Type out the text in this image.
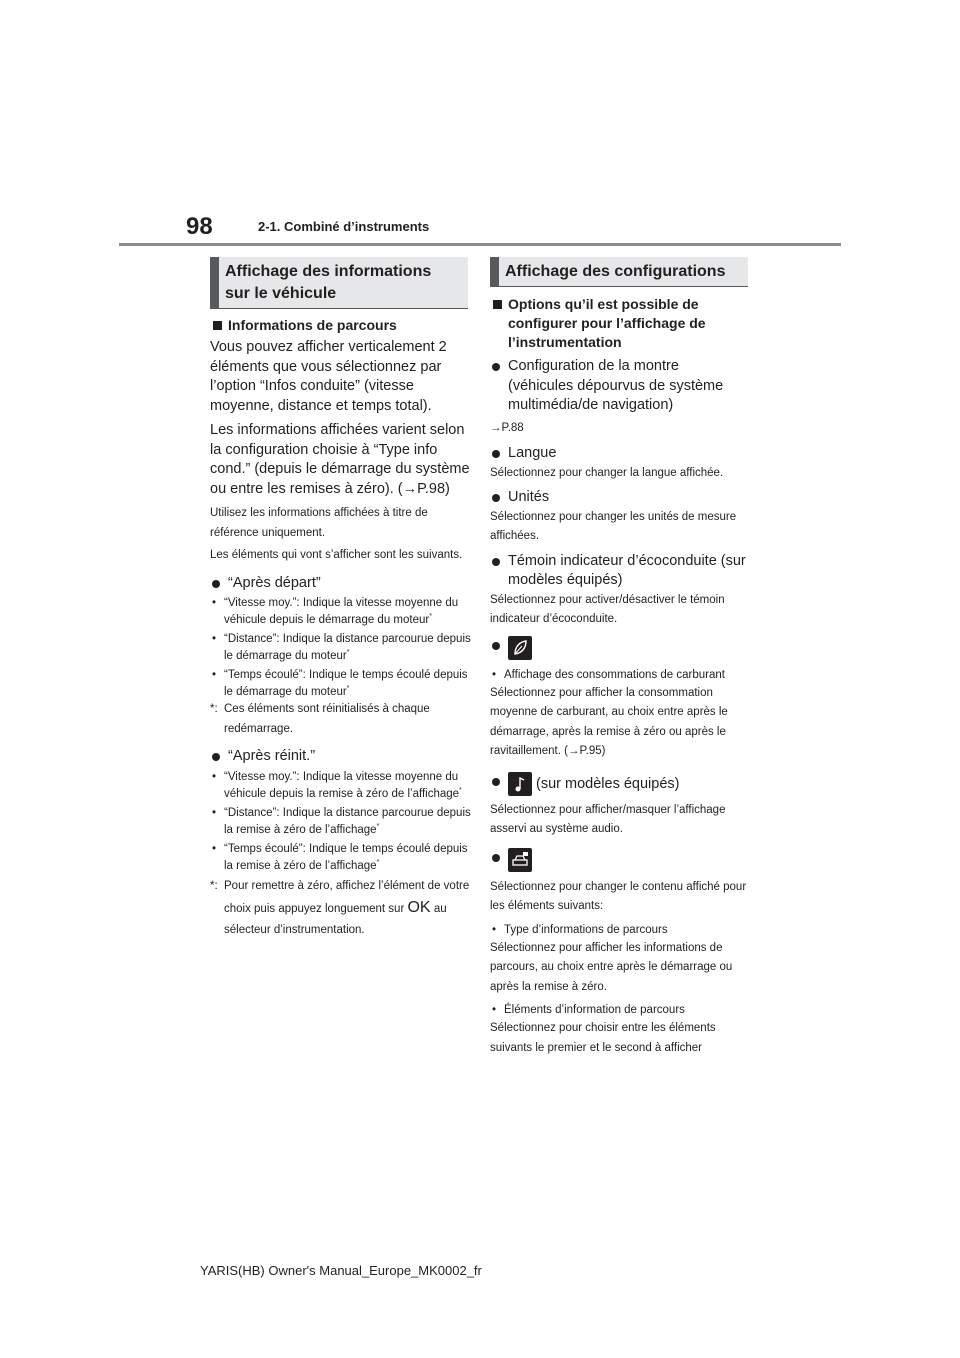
98	2-1. Combiné d’instruments
Affichage des informations sur le véhicule
Informations de parcours
Vous pouvez afficher verticalement 2 éléments que vous sélectionnez par l’option “Infos conduite” (vitesse moyenne, distance et temps total).
Les informations affichées varient selon la configuration choisie à “Type info cond.” (depuis le démarrage du système ou entre les remises à zéro). (→P.98)
Utilisez les informations affichées à titre de référence uniquement.
Les éléments qui vont s’afficher sont les suivants.
“Après départ”
• “Vitesse moy.”: Indique la vitesse moyenne du véhicule depuis le démarrage du moteur*
• “Distance”: Indique la distance parcourue depuis le démarrage du moteur*
• “Temps écoulé”: Indique le temps écoulé depuis le démarrage du moteur*
*: Ces éléments sont réinitialisés à chaque redémarrage.
“Après réinit.”
• “Vitesse moy.”: Indique la vitesse moyenne du véhicule depuis la remise à zéro de l’affichage*
• “Distance”: Indique la distance parcourue depuis la remise à zéro de l’affichage*
• “Temps écoulé”: Indique le temps écoulé depuis la remise à zéro de l’affichage*
*: Pour remettre à zéro, affichez l’élément de votre choix puis appuyez longuement sur OK au sélecteur d’instrumentation.
Affichage des configurations
Options qu’il est possible de configurer pour l’affichage de l’instrumentation
Configuration de la montre (véhicules dépourvus de système multimédia/de navigation)
→P.88
Langue
Sélectionnez pour changer la langue affichée.
Unités
Sélectionnez pour changer les unités de mesure affichées.
Témoin indicateur d’écoconduite (sur modèles équipés)
Sélectionnez pour activer/désactiver le témoin indicateur d’écoconduite.
• Affichage des consommations de carburant
Sélectionnez pour afficher la consommation moyenne de carburant, au choix entre après le démarrage, après la remise à zéro ou après le ravitaillement. (→P.95)
(sur modèles équipés)
Sélectionnez pour afficher/masquer l’affichage asservi au système audio.
Sélectionnez pour changer le contenu affiché pour les éléments suivants:
• Type d’informations de parcours
Sélectionnez pour afficher les informations de parcours, au choix entre après le démarrage ou après la remise à zéro.
• Éléments d’information de parcours
Sélectionnez pour choisir entre les éléments suivants le premier et le second à afficher
YARIS(HB) Owner's Manual_Europe_MK0002_fr
